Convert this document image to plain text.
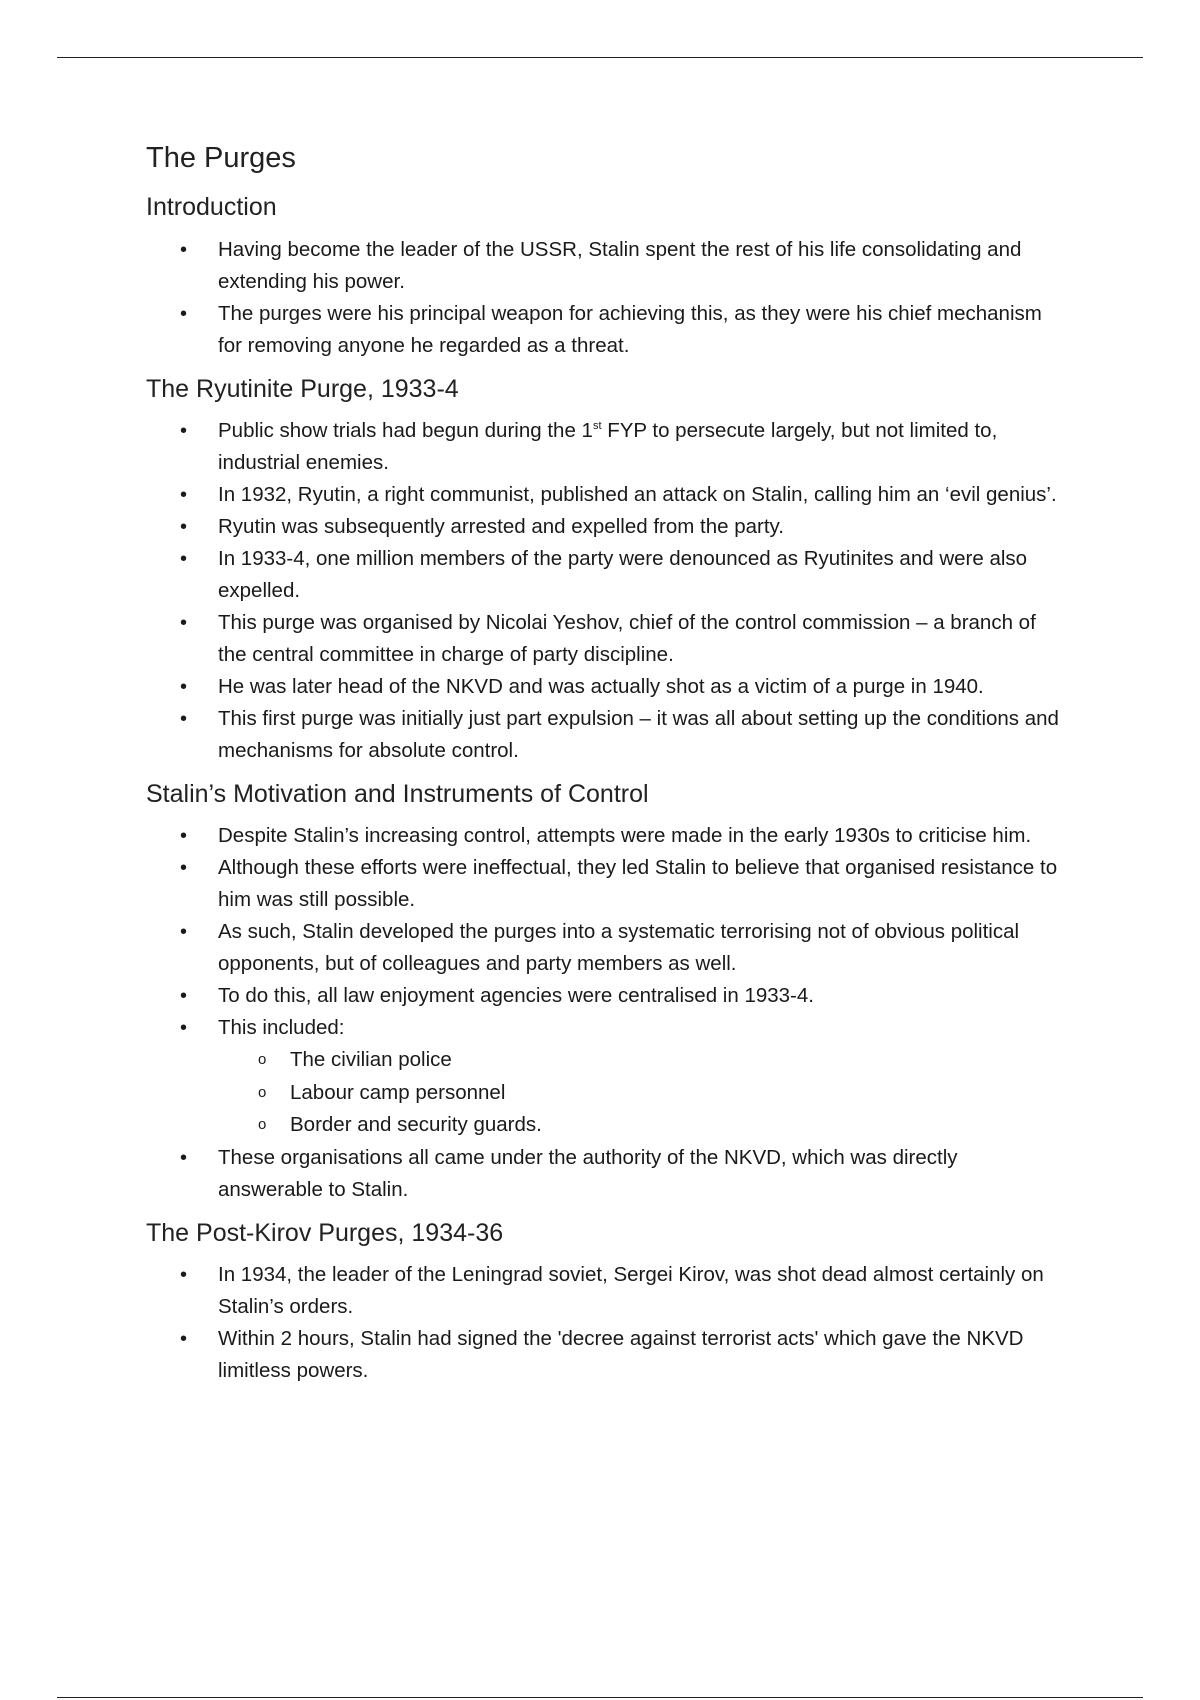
The Purges
Introduction
• Having become the leader of the USSR, Stalin spent the rest of his life consolidating and extending his power.
• The purges were his principal weapon for achieving this, as they were his chief mechanism for removing anyone he regarded as a threat.
The Ryutinite Purge, 1933-4
• Public show trials had begun during the 1st FYP to persecute largely, but not limited to, industrial enemies.
• In 1932, Ryutin, a right communist, published an attack on Stalin, calling him an ‘evil genius’.
• Ryutin was subsequently arrested and expelled from the party.
• In 1933-4, one million members of the party were denounced as Ryutinites and were also expelled.
• This purge was organised by Nicolai Yeshov, chief of the control commission – a branch of the central committee in charge of party discipline.
• He was later head of the NKVD and was actually shot as a victim of a purge in 1940.
• This first purge was initially just part expulsion – it was all about setting up the conditions and mechanisms for absolute control.
Stalin’s Motivation and Instruments of Control
• Despite Stalin’s increasing control, attempts were made in the early 1930s to criticise him.
• Although these efforts were ineffectual, they led Stalin to believe that organised resistance to him was still possible.
• As such, Stalin developed the purges into a systematic terrorising not of obvious political opponents, but of colleagues and party members as well.
• To do this, all law enjoyment agencies were centralised in 1933-4.
• This included:
o The civilian police
o Labour camp personnel
o Border and security guards.
• These organisations all came under the authority of the NKVD, which was directly answerable to Stalin.
The Post-Kirov Purges, 1934-36
• In 1934, the leader of the Leningrad soviet, Sergei Kirov, was shot dead almost certainly on Stalin’s orders.
• Within 2 hours, Stalin had signed the 'decree against terrorist acts' which gave the NKVD limitless powers.
